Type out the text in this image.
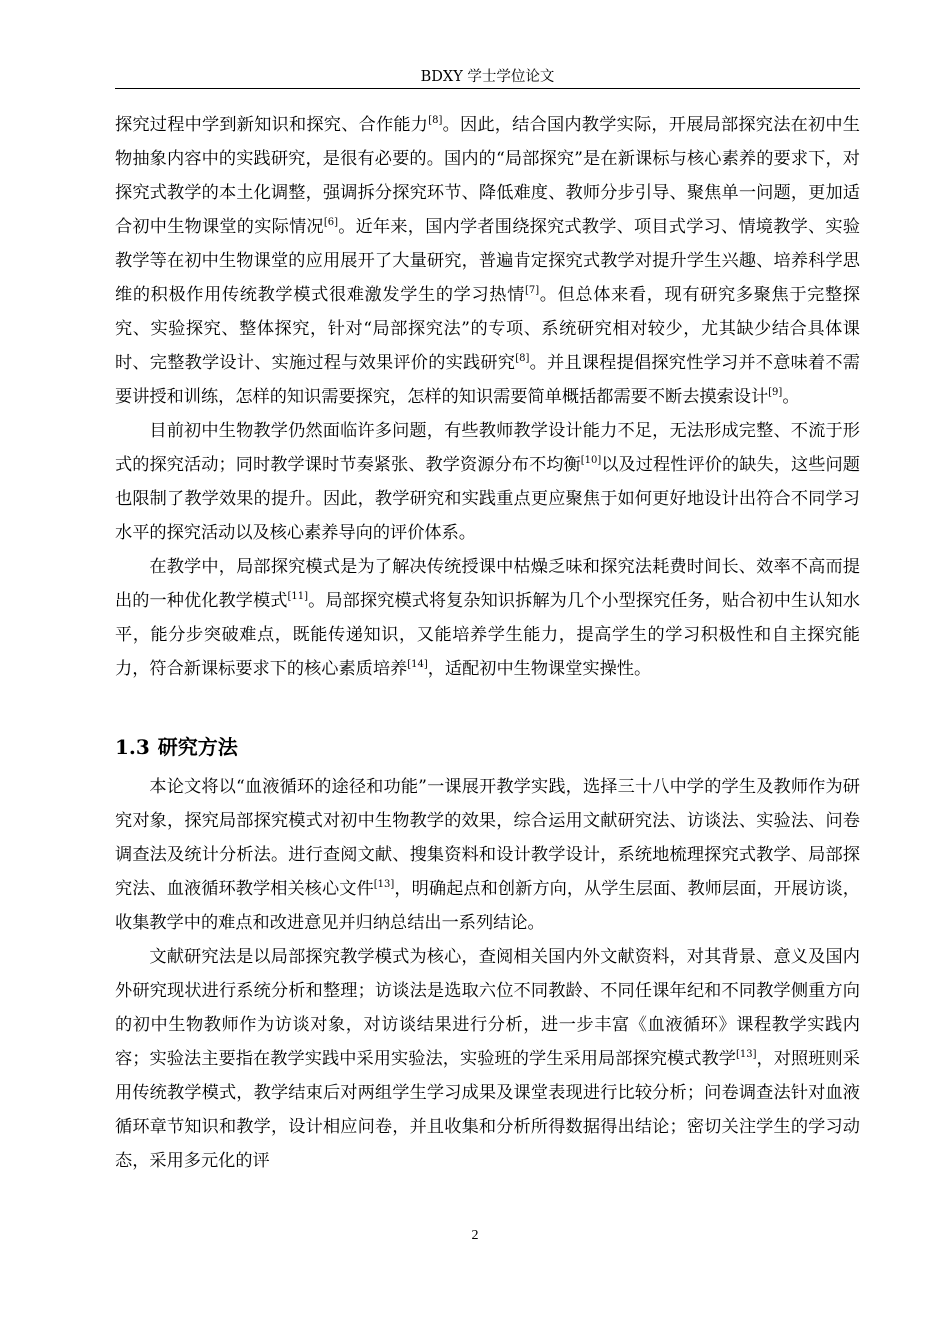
BDXY 学士学位论文

探究过程中学到新知识和探究、合作能力[8]。因此，结合国内教学实际，开展局部探究法在初中生物抽象内容中的实践研究，是很有必要的。国内的“局部探究”是在新课标与核心素养的要求下，对探究式教学的本土化调整，强调拆分探究环节、降低难度、教师分步引导、聚焦单一问题，更加适合初中生物课堂的实际情况[6]。近年来，国内学者围绕探究式教学、项目式学习、情境教学、实验教学等在初中生物课堂的应用展开了大量研究，普遍肯定探究式教学对提升学生兴趣、培养科学思维的积极作用传统教学模式很难激发学生的学习热情[7]。但总体来看，现有研究多聚焦于完整探究、实验探究、整体探究，针对“局部探究法”的专项、系统研究相对较少，尤其缺少结合具体课时、完整教学设计、实施过程与效果评价的实践研究[8]。并且课程提倡探究性学习并不意味着不需要讲授和训练，怎样的知识需要探究，怎样的知识需要简单概括都需要不断去摸索设计[9]。

目前初中生物教学仍然面临许多问题，有些教师教学设计能力不足，无法形成完整、不流于形式的探究活动；同时教学课时节奏紧张、教学资源分布不均衡[10]以及过程性评价的缺失，这些问题也限制了教学效果的提升。因此，教学研究和实践重点更应聚焦于如何更好地设计出符合不同学习水平的探究活动以及核心素养导向的评价体系。

在教学中，局部探究模式是为了解决传统授课中枯燥乏味和探究法耗费时间长、效率不高而提出的一种优化教学模式[11]。局部探究模式将复杂知识拆解为几个小型探究任务，贴合初中生认知水平，能分步突破难点，既能传递知识，又能培养学生能力，提高学生的学习积极性和自主探究能力，符合新课标要求下的核心素质培养[14]，适配初中生物课堂实操性。

1.3 研究方法

本论文将以“血液循环的途径和功能”一课展开教学实践，选择三十八中学的学生及教师作为研究对象，探究局部探究模式对初中生物教学的效果，综合运用文献研究法、访谈法、实验法、问卷调查法及统计分析法。进行查阅文献、搜集资料和设计教学设计，系统地梳理探究式教学、局部探究法、血液循环教学相关核心文件[13]，明确起点和创新方向，从学生层面、教师层面，开展访谈，收集教学中的难点和改进意见并归纳总结出一系列结论。

文献研究法是以局部探究教学模式为核心，查阅相关国内外文献资料，对其背景、意义及国内外研究现状进行系统分析和整理；访谈法是选取六位不同教龄、不同任课年纪和不同教学侧重方向的初中生物教师作为访谈对象，对访谈结果进行分析，进一步丰富《血液循环》课程教学实践内容；实验法主要指在教学实践中采用实验法，实验班的学生采用局部探究模式教学[13]，对照班则采用传统教学模式，教学结束后对两组学生学习成果及课堂表现进行比较分析；问卷调查法针对血液循环章节知识和教学，设计相应问卷，并且收集和分析所得数据得出结论；密切关注学生的学习动态，采用多元化的评

2
